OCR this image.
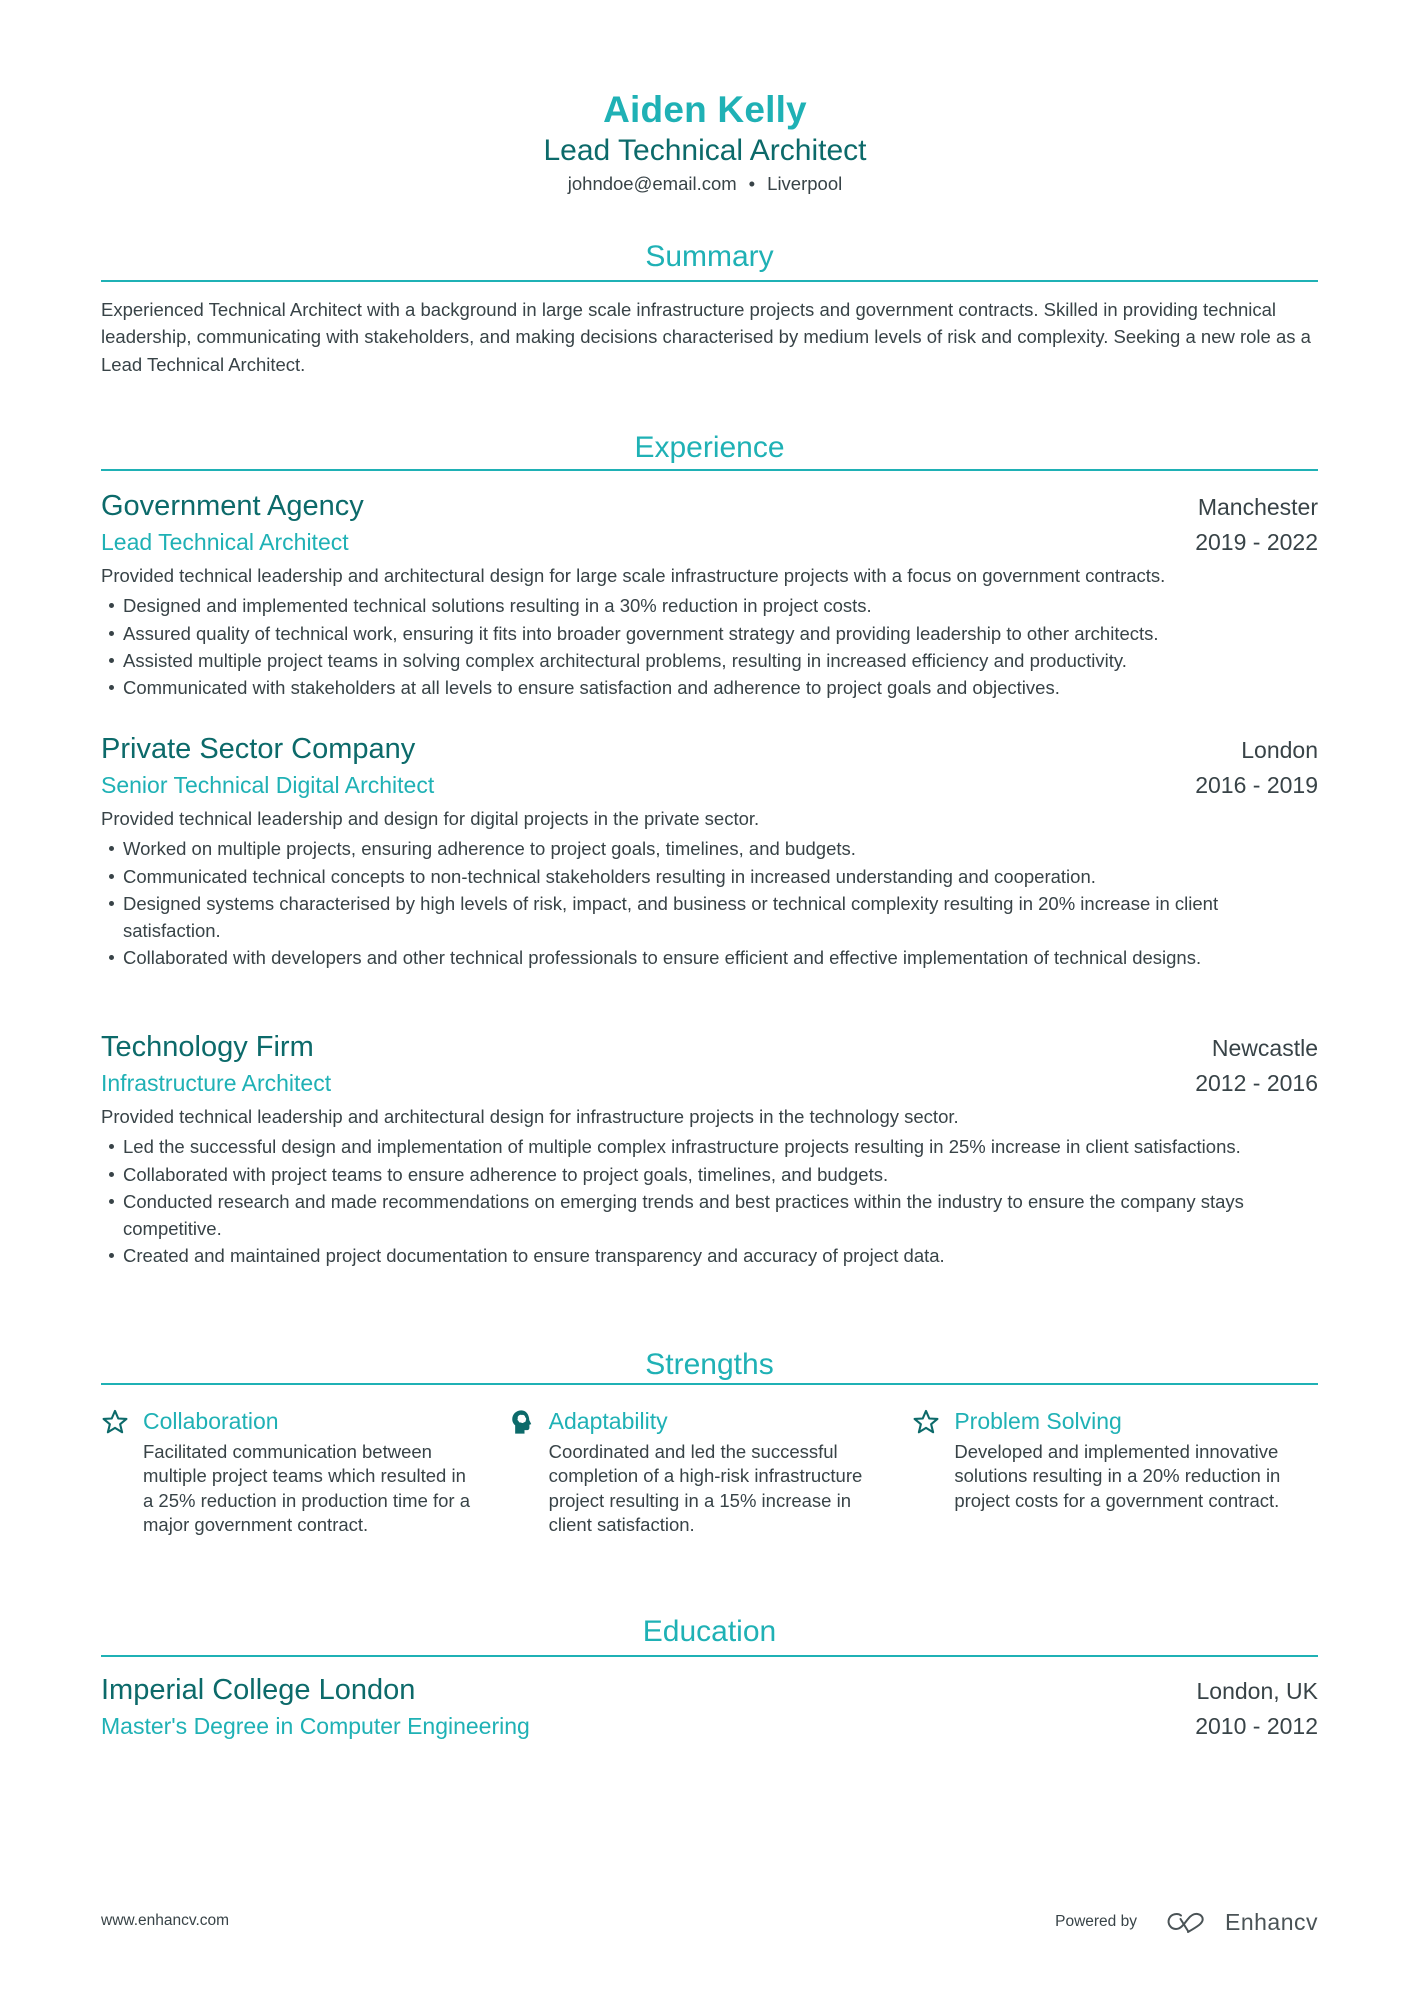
Aiden Kelly
Lead Technical Architect
johndoe@email.com • Liverpool
Summary
Experienced Technical Architect with a background in large scale infrastructure projects and government contracts. Skilled in providing technical leadership, communicating with stakeholders, and making decisions characterised by medium levels of risk and complexity. Seeking a new role as a Lead Technical Architect.
Experience
Government Agency	Manchester
Lead Technical Architect	2019 - 2022
Provided technical leadership and architectural design for large scale infrastructure projects with a focus on government contracts.
Designed and implemented technical solutions resulting in a 30% reduction in project costs.
Assured quality of technical work, ensuring it fits into broader government strategy and providing leadership to other architects.
Assisted multiple project teams in solving complex architectural problems, resulting in increased efficiency and productivity.
Communicated with stakeholders at all levels to ensure satisfaction and adherence to project goals and objectives.
Private Sector Company	London
Senior Technical Digital Architect	2016 - 2019
Provided technical leadership and design for digital projects in the private sector.
Worked on multiple projects, ensuring adherence to project goals, timelines, and budgets.
Communicated technical concepts to non-technical stakeholders resulting in increased understanding and cooperation.
Designed systems characterised by high levels of risk, impact, and business or technical complexity resulting in 20% increase in client satisfaction.
Collaborated with developers and other technical professionals to ensure efficient and effective implementation of technical designs.
Technology Firm	Newcastle
Infrastructure Architect	2012 - 2016
Provided technical leadership and architectural design for infrastructure projects in the technology sector.
Led the successful design and implementation of multiple complex infrastructure projects resulting in 25% increase in client satisfactions.
Collaborated with project teams to ensure adherence to project goals, timelines, and budgets.
Conducted research and made recommendations on emerging trends and best practices within the industry to ensure the company stays competitive.
Created and maintained project documentation to ensure transparency and accuracy of project data.
Strengths
Collaboration
Facilitated communication between multiple project teams which resulted in a 25% reduction in production time for a major government contract.
Adaptability
Coordinated and led the successful completion of a high-risk infrastructure project resulting in a 15% increase in client satisfaction.
Problem Solving
Developed and implemented innovative solutions resulting in a 20% reduction in project costs for a government contract.
Education
Imperial College London	London, UK
Master's Degree in Computer Engineering	2010 - 2012
www.enhancv.com	Powered by	Enhancv
